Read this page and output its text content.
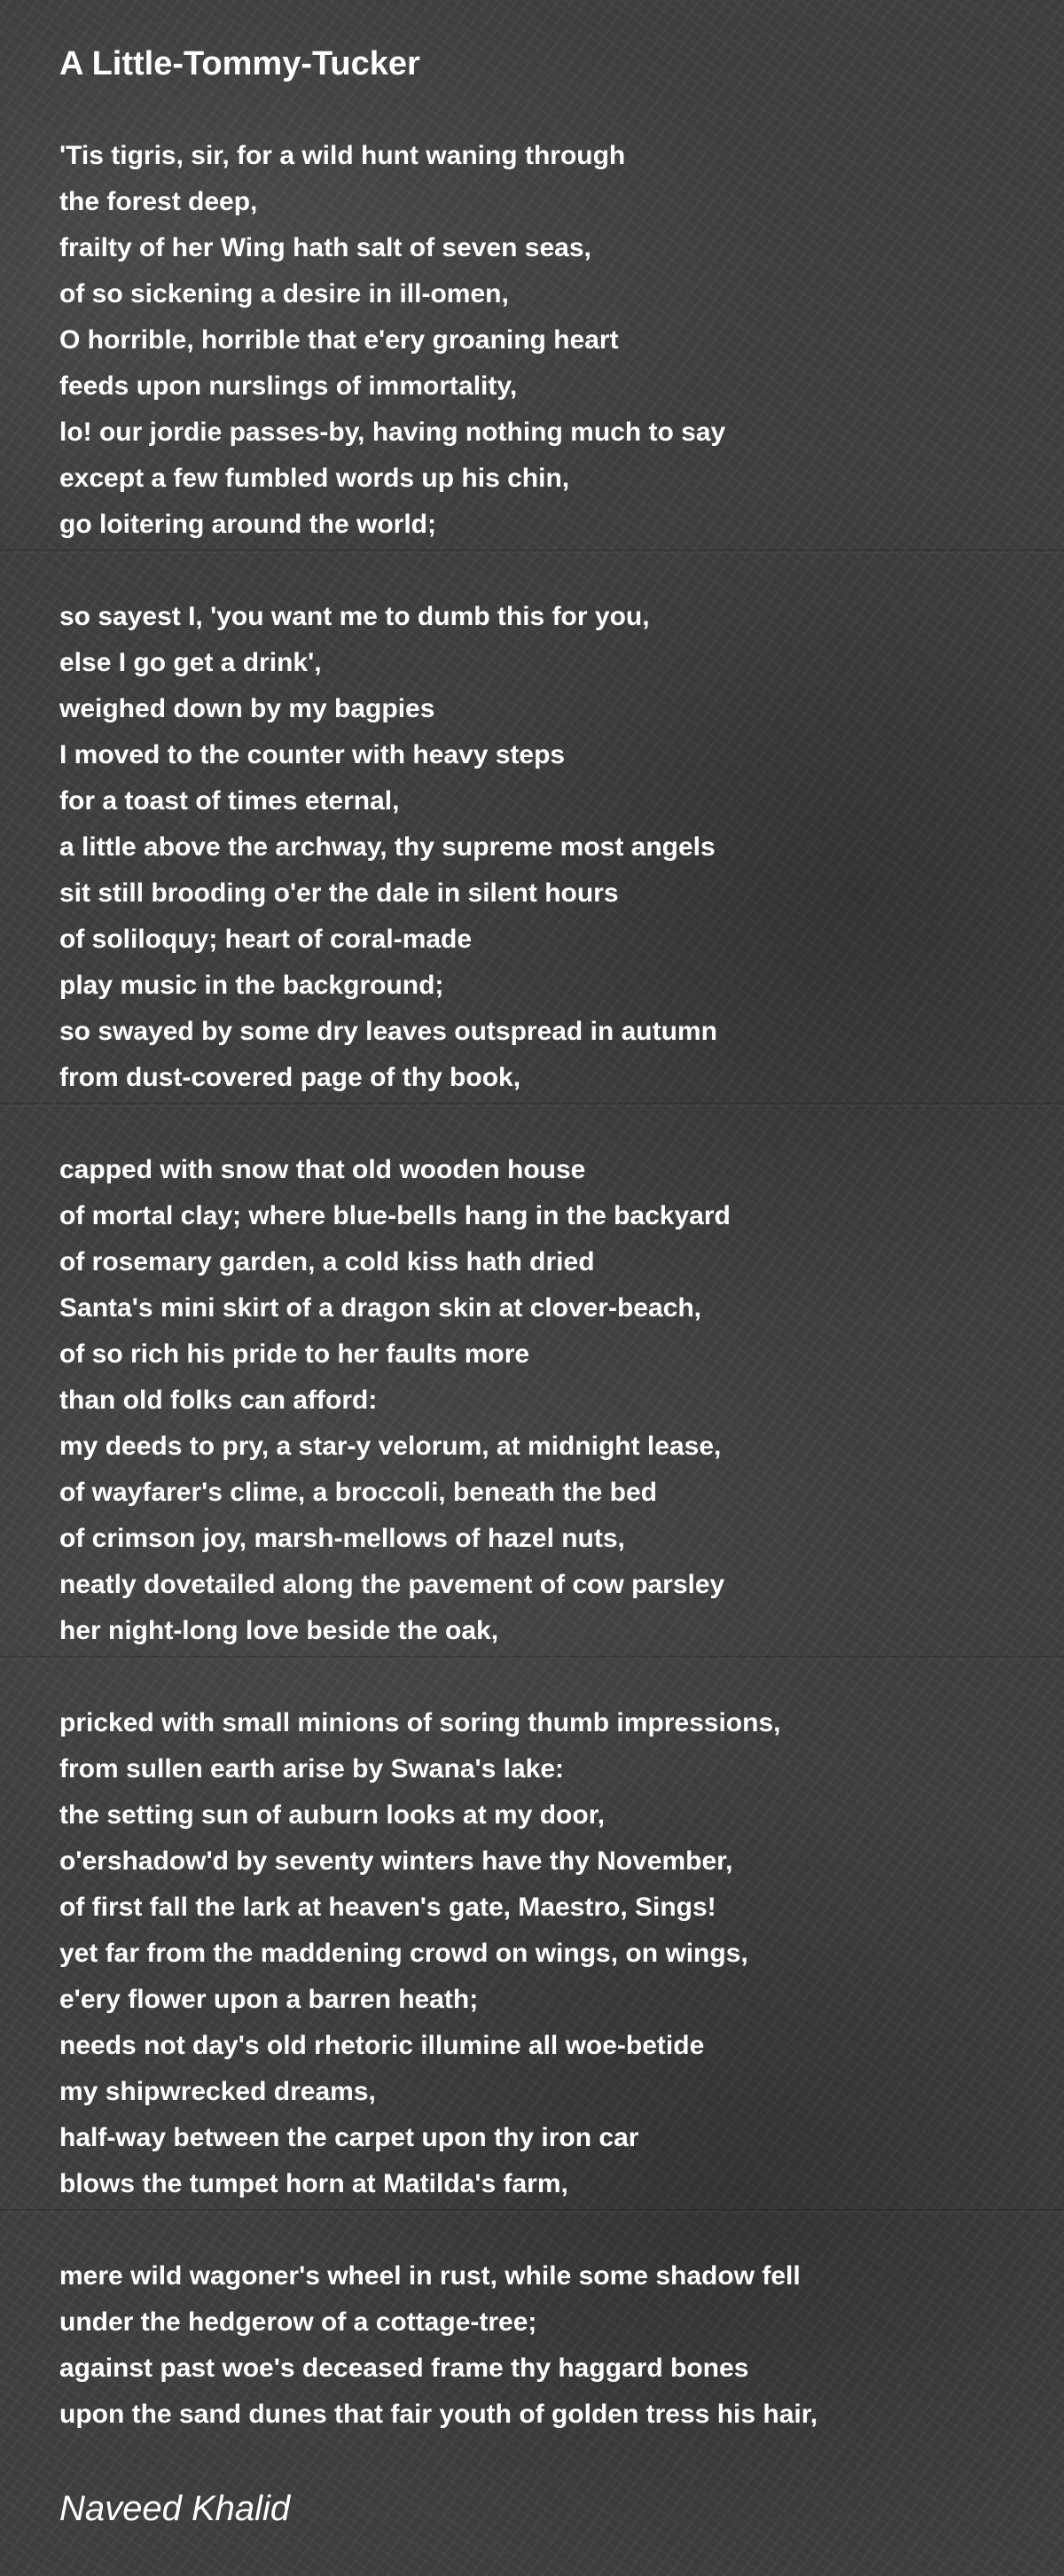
A Little-Tommy-Tucker
'Tis tigris, sir, for a wild hunt waning through
the forest deep,
frailty of her Wing hath salt of seven seas,
of so sickening a desire in ill-omen,
O horrible, horrible that e'ery groaning heart
feeds upon nurslings of immortality,
lo! our jordie passes-by, having nothing much to say
except a few fumbled words up his chin,
go loitering around the world;
so sayest I, 'you want me to dumb this for you,
else I go get a drink',
weighed down by my bagpies
I moved to the counter with heavy steps
for a toast of times eternal,
a little above the archway, thy supreme most angels
sit still brooding o'er the dale in silent hours
of soliloquy; heart of coral-made
play music in the background;
so swayed by some dry leaves outspread in autumn
from dust-covered page of thy book,
capped with snow that old wooden house
of mortal clay; where blue-bells hang in the backyard
of rosemary garden, a cold kiss hath dried
Santa's mini skirt of a dragon skin at clover-beach,
of so rich his pride to her faults more
than old folks can afford:
my deeds to pry, a star-y velorum, at midnight lease,
of wayfarer's clime, a broccoli, beneath the bed
of crimson joy, marsh-mellows of hazel nuts,
neatly dovetailed along the pavement of cow parsley
her night-long love beside the oak,
pricked with small minions of soring thumb impressions,
from sullen earth arise by Swana's lake:
the setting sun of auburn looks at my door,
o'ershadow'd by seventy winters have thy November,
of first fall the lark at heaven's gate, Maestro, Sings!
yet far from the maddening crowd on wings, on wings,
e'ery flower upon a barren heath;
needs not day's old rhetoric illumine all woe-betide
my shipwrecked dreams,
half-way between the carpet upon thy iron car
blows the tumpet horn at Matilda's farm,
mere wild wagoner's wheel in rust, while some shadow fell
under the hedgerow of a cottage-tree;
against past woe's deceased frame thy haggard bones
upon the sand dunes that fair youth of golden tress his hair,

Naveed Khalid
